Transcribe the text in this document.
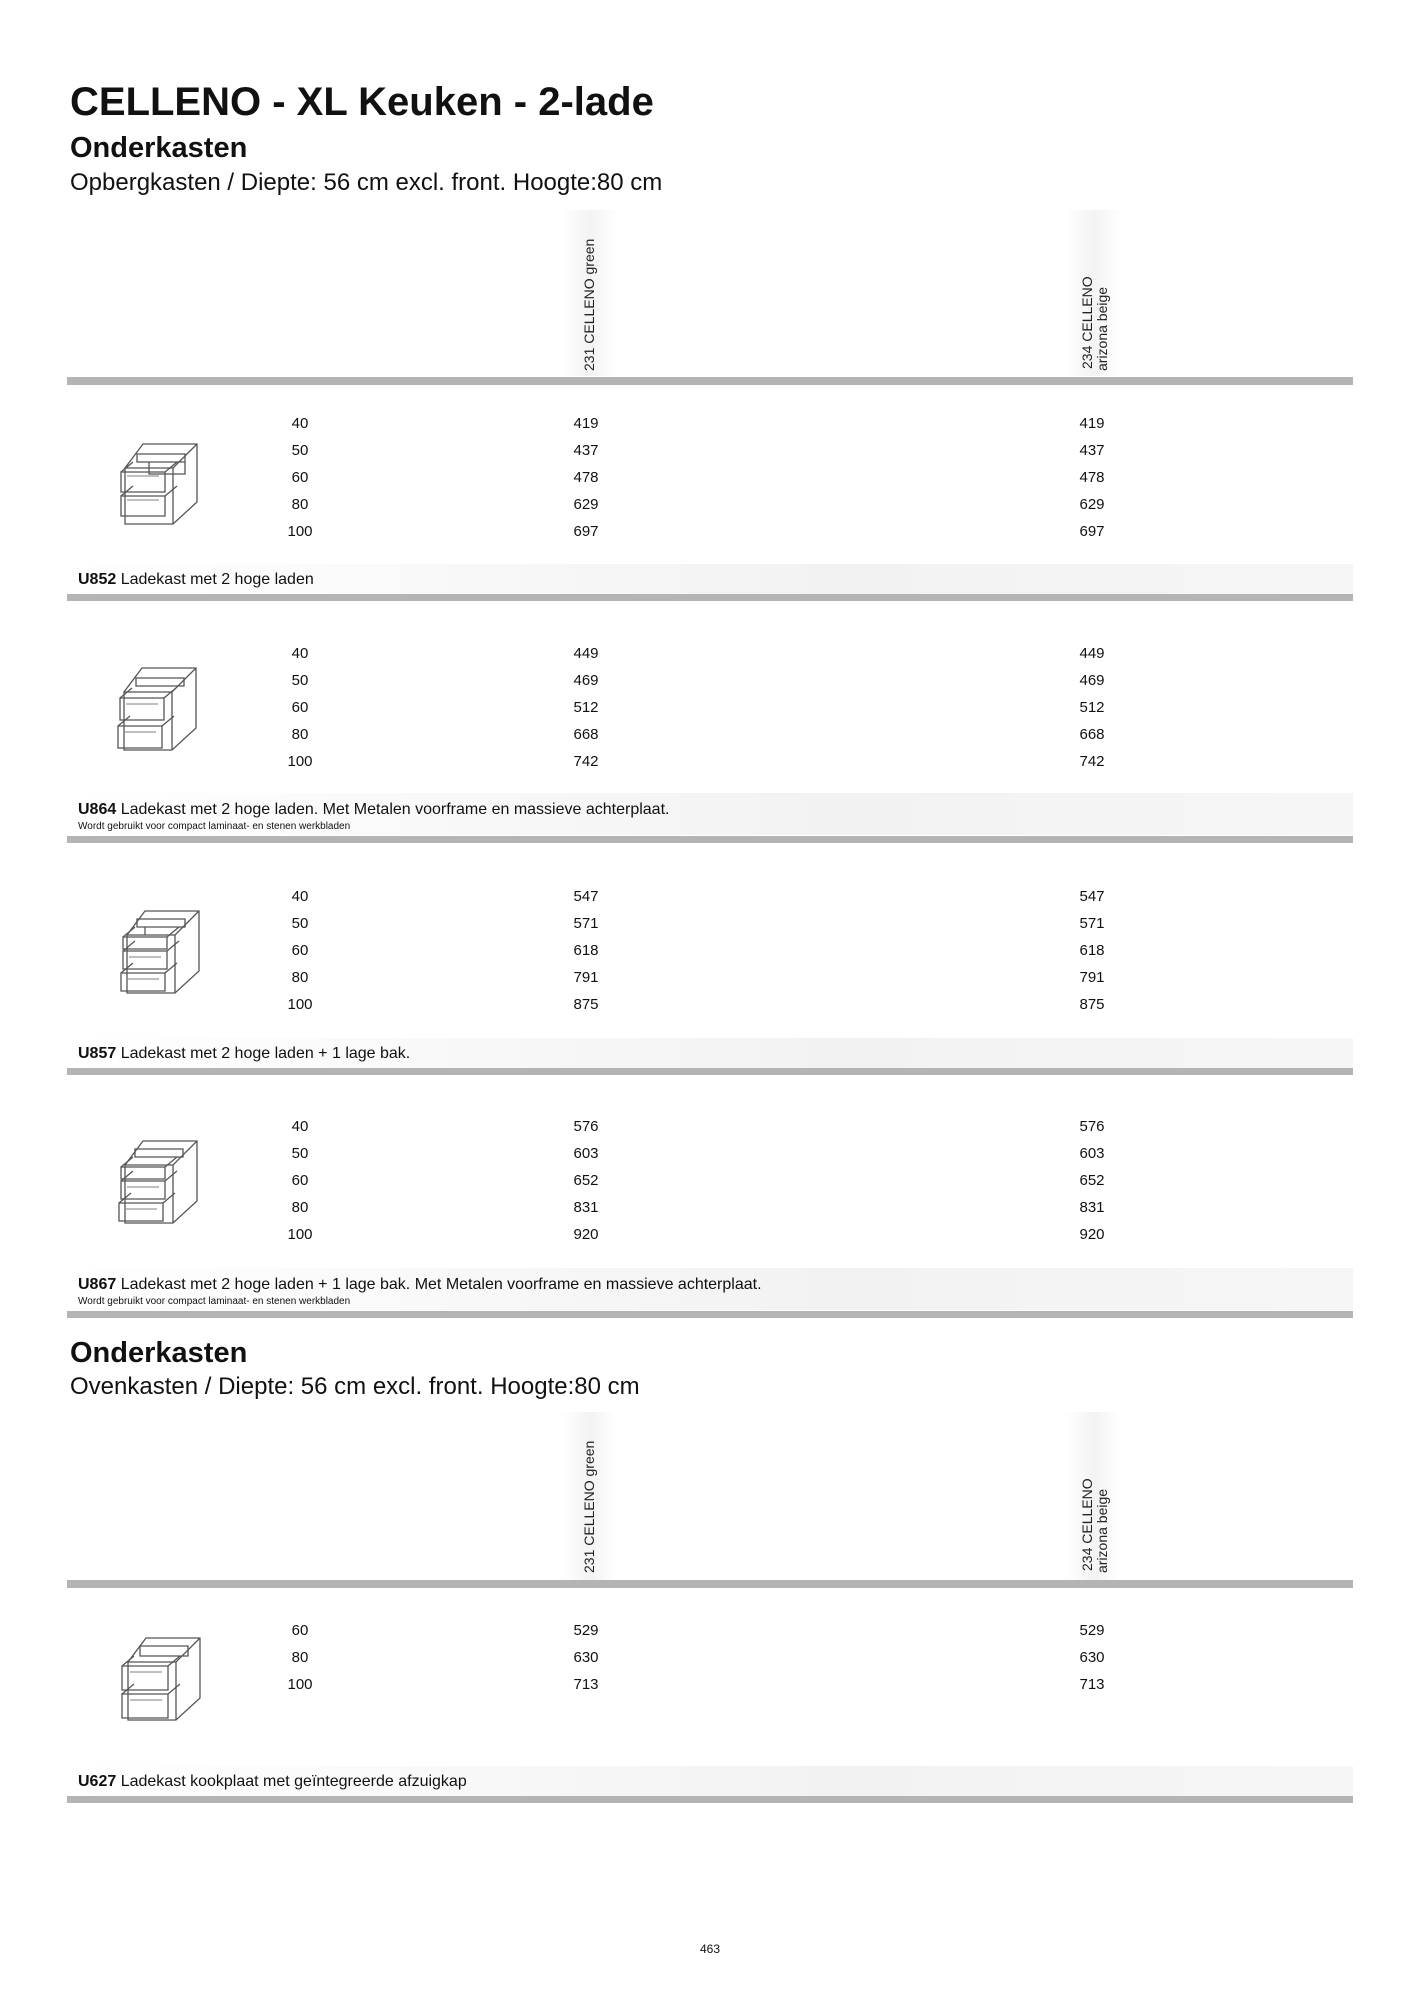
CELLENO - XL Keuken - 2-lade
Onderkasten
Opbergkasten / Diepte: 56 cm excl. front. Hoogte:80 cm
231 CELLENO green	234 CELLENO arizona beige
40	419	419
50	437	437
60	478	478
80	629	629
100	697	697
U852 Ladekast met 2 hoge laden
40	449	449
50	469	469
60	512	512
80	668	668
100	742	742
U864 Ladekast met 2 hoge laden. Met Metalen voorframe en massieve achterplaat.
Wordt gebruikt voor compact laminaat- en stenen werkbladen
40	547	547
50	571	571
60	618	618
80	791	791
100	875	875
U857 Ladekast met 2 hoge laden + 1 lage bak.
40	576	576
50	603	603
60	652	652
80	831	831
100	920	920
U867 Ladekast met 2 hoge laden + 1 lage bak. Met Metalen voorframe en massieve achterplaat.
Wordt gebruikt voor compact laminaat- en stenen werkbladen
Onderkasten
Ovenkasten / Diepte: 56 cm excl. front. Hoogte:80 cm
231 CELLENO green	234 CELLENO arizona beige
60	529	529
80	630	630
100	713	713
U627 Ladekast kookplaat met geïntegreerde afzuigkap
463
